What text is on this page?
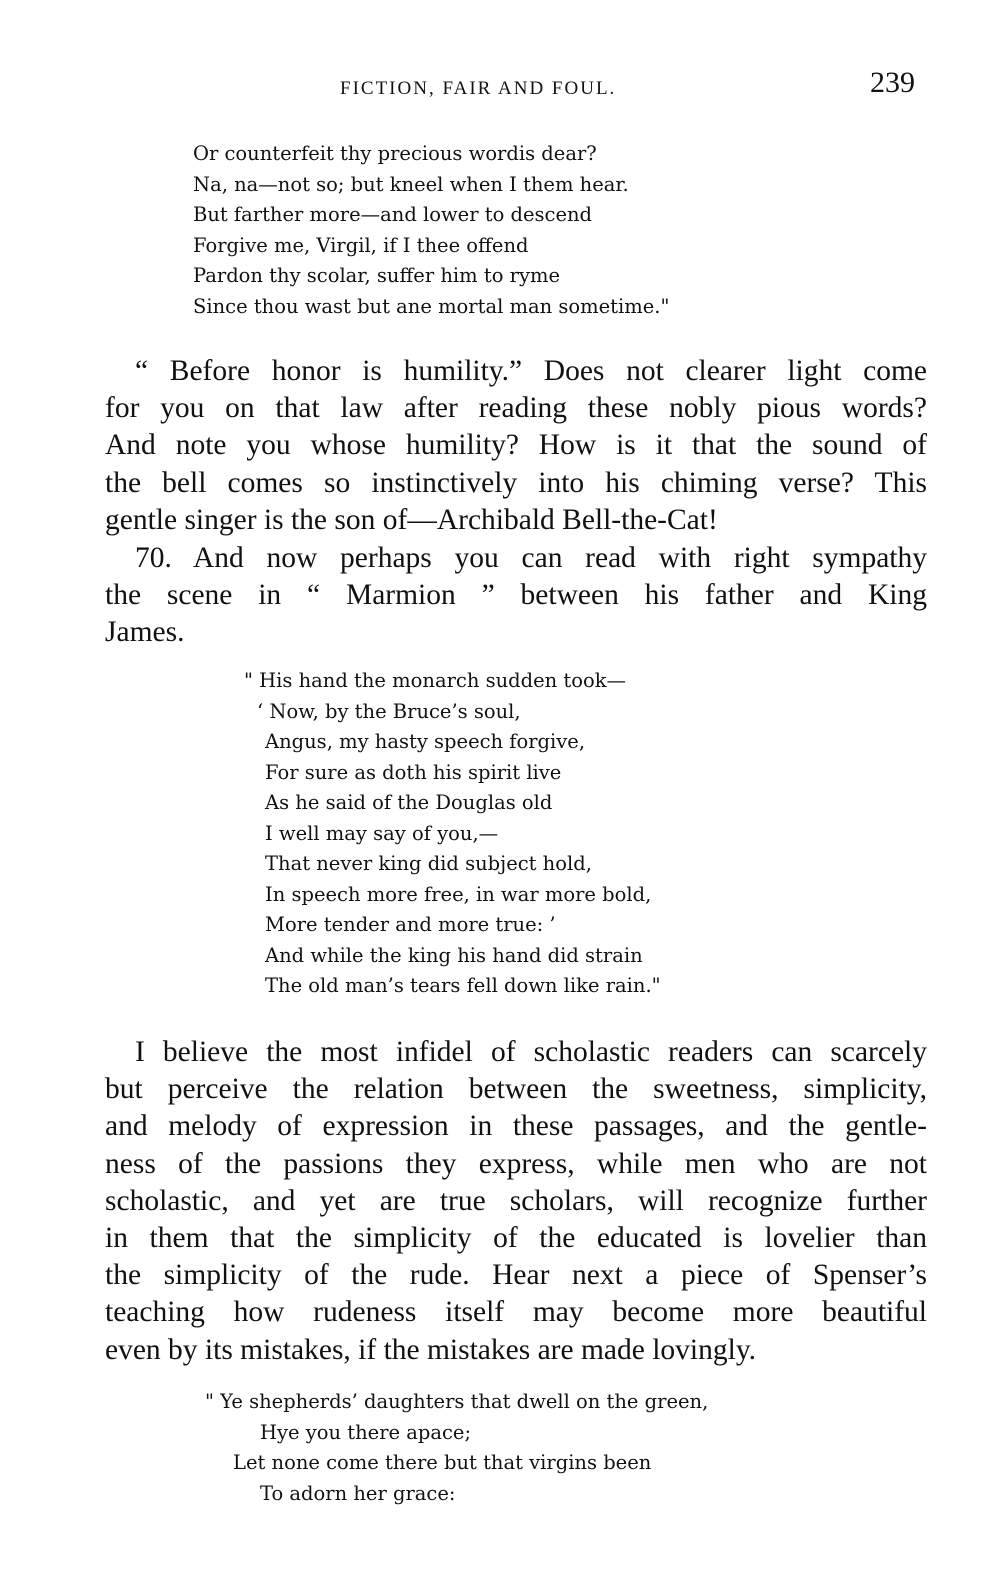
FICTION, FAIR AND FOUL.	239
Or counterfeit thy precious wordis dear?
Na, na—not so; but kneel when I them hear.
But farther more—and lower to descend
Forgive me, Virgil, if I thee offend
Pardon thy scolar, suffer him to ryme
Since thou wast but ane mortal man sometime."
“ Before honor is humility.” Does not clearer light come
for you on that law after reading these nobly pious words?
And note you whose humility? How is it that the sound of
the bell comes so instinctively into his chiming verse? This
gentle singer is the son of—Archibald Bell-the-Cat!
70. And now perhaps you can read with right sympathy
the scene in “ Marmion ” between his father and King
James.
" His hand the monarch sudden took—
‘ Now, by the Bruce’s soul,
Angus, my hasty speech forgive,
For sure as doth his spirit live
As he said of the Douglas old
I well may say of you,—
That never king did subject hold,
In speech more free, in war more bold,
More tender and more true: ’
And while the king his hand did strain
The old man’s tears fell down like rain."
I believe the most infidel of scholastic readers can scarcely
but perceive the relation between the sweetness, simplicity,
and melody of expression in these passages, and the gentle-
ness of the passions they express, while men who are not
scholastic, and yet are true scholars, will recognize further
in them that the simplicity of the educated is lovelier than
the simplicity of the rude. Hear next a piece of Spenser’s
teaching how rudeness itself may become more beautiful
even by its mistakes, if the mistakes are made lovingly.
" Ye shepherds’ daughters that dwell on the green,
Hye you there apace;
Let none come there but that virgins been
To adorn her grace:
